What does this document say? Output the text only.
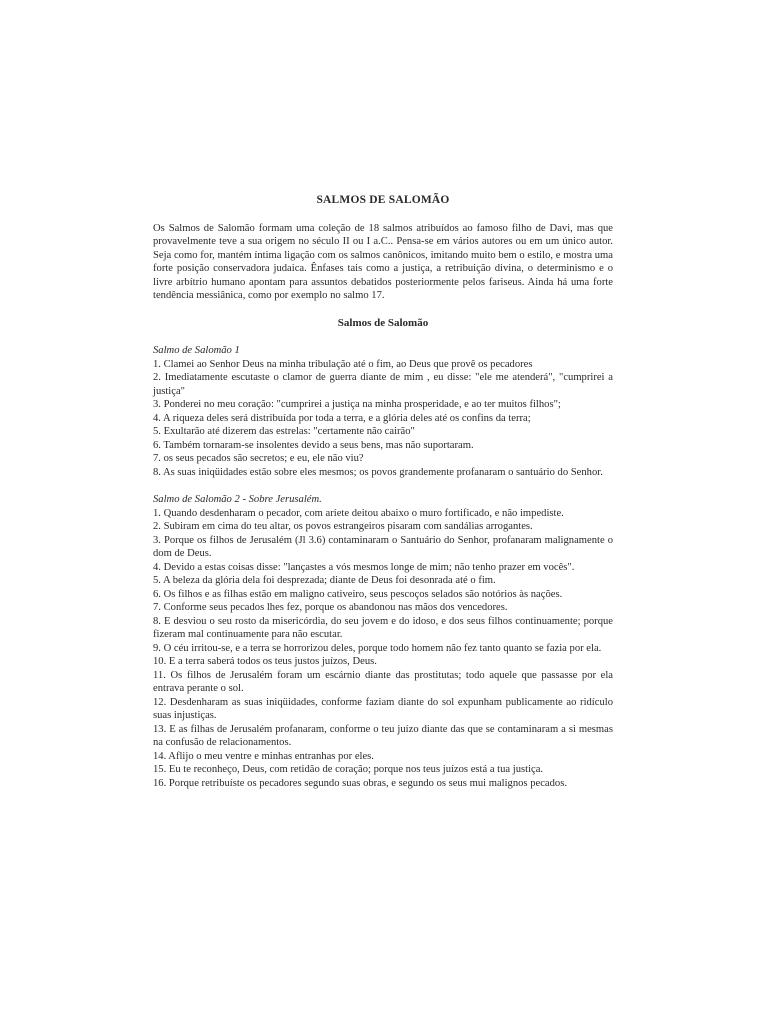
SALMOS DE SALOMÃO

Os Salmos de Salomão formam uma coleção de 18 salmos atribuídos ao famoso filho de Davi, mas que provavelmente teve a sua origem no século II ou I a.C.. Pensa-se em vários autores ou em um único autor. Seja como for, mantém íntima ligação com os salmos canônicos, imitando muito bem o estilo, e mostra uma forte posição conservadora judaica. Ênfases tais como a justiça, a retribuição divina, o determinismo e o livre arbítrio humano apontam para assuntos debatidos posteriormente pelos fariseus. Ainda há uma forte tendência messiânica, como por exemplo no salmo 17.

Salmos de Salomão

Salmo de Salomão 1

1. Clamei ao Senhor Deus na minha tribulação até o fim, ao Deus que provê os pecadores
2. Imediatamente escutaste o clamor de guerra diante de mim , eu disse: "ele me atenderá", "cumprirei a justiça"
3. Ponderei no meu coração: "cumprirei a justiça na minha prosperidade, e ao ter muitos filhos";
4. A riqueza deles será distribuída por toda a terra, e a glória deles até os confins da terra;
5. Exultarão até dizerem das estrelas: "certamente não cairão"
6. Também tornaram-se insolentes devido a seus bens, mas não suportaram.
7. os seus pecados são secretos; e eu, ele não viu?
8. As suas iniqüidades estão sobre eles mesmos; os povos grandemente profanaram o santuário do Senhor.

Salmo de Salomão 2 - Sobre Jerusalém.

1. Quando desdenharam o pecador, com aríete deitou abaixo o muro fortificado, e não impediste.
2. Subiram em cima do teu altar, os povos estrangeiros pisaram com sandálias arrogantes.
3. Porque os filhos de Jerusalém (Jl 3.6) contaminaram o Santuário do Senhor, profanaram malignamente o dom de Deus.
4. Devido a estas coisas disse: "lançastes a vós mesmos longe de mim; não tenho prazer em vocês".
5. A beleza da glória dela foi desprezada; diante de Deus foi desonrada até o fim.
6. Os filhos e as filhas estão em maligno cativeiro, seus pescoços selados são notórios às nações.
7. Conforme seus pecados lhes fez, porque os abandonou nas mãos dos vencedores.
8. E desviou o seu rosto da misericórdia, do seu jovem e do idoso, e dos seus filhos continuamente; porque fizeram mal continuamente para não escutar.
9. O céu irritou-se, e a terra se horrorizou deles, porque todo homem não fez tanto quanto se fazia por ela.
10. E a terra saberá todos os teus justos juízos, Deus.
11. Os filhos de Jerusalém foram um escárnio diante das prostitutas; todo aquele que passasse por ela entrava perante o sol.
12. Desdenharam as suas iniqüidades, conforme faziam diante do sol expunham publicamente ao ridículo suas injustiças.
13. E as filhas de Jerusalém profanaram, conforme o teu juízo diante das que se contaminaram a si mesmas na confusão de relacionamentos.
14. Aflijo o meu ventre e minhas entranhas por eles.
15. Eu te reconheço, Deus, com retidão de coração; porque nos teus juízos está a tua justiça.
16. Porque retribuíste os pecadores segundo suas obras, e segundo os seus mui malignos pecados.
